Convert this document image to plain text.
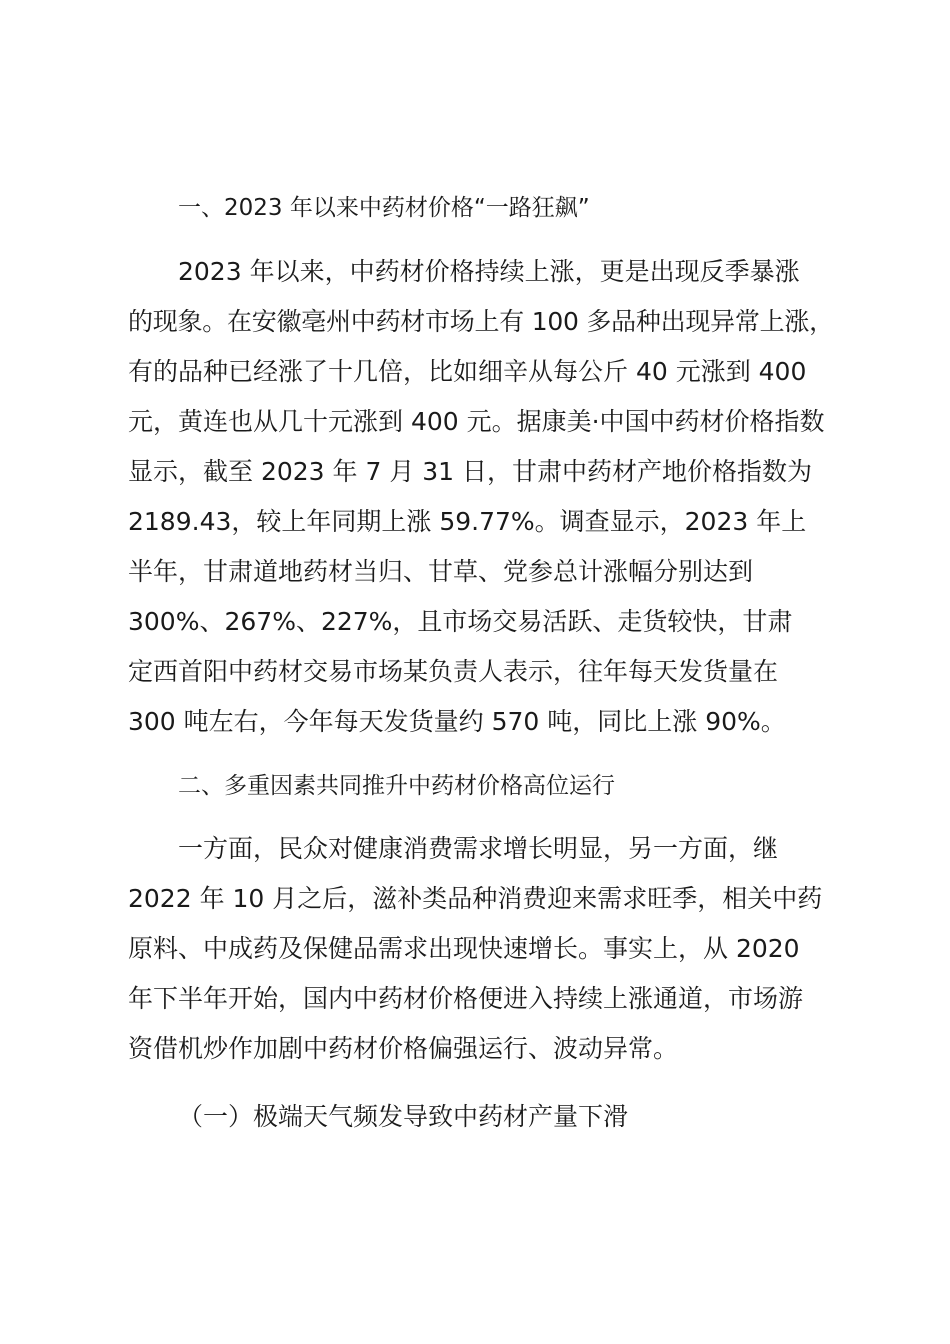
一、2023 年以来中药材价格“一路狂飙”
2023 年以来，中药材价格持续上涨，更是出现反季暴涨
的现象。在安徽亳州中药材市场上有 100 多品种出现异常上涨，
有的品种已经涨了十几倍，比如细辛从每公斤 40 元涨到 400
元，黄连也从几十元涨到 400 元。据康美·中国中药材价格指数
显示，截至 2023 年 7 月 31 日，甘肃中药材产地价格指数为
2189.43，较上年同期上涨 59.77%。调查显示，2023 年上
半年，甘肃道地药材当归、甘草、党参总计涨幅分别达到
300%、267%、227%，且市场交易活跃、走货较快，甘肃
定西首阳中药材交易市场某负责人表示，往年每天发货量在
300 吨左右，今年每天发货量约 570 吨，同比上涨 90%。
二、多重因素共同推升中药材价格高位运行
一方面，民众对健康消费需求增长明显，另一方面，继
2022 年 10 月之后，滋补类品种消费迎来需求旺季，相关中药
原料、中成药及保健品需求出现快速增长。事实上，从 2020
年下半年开始，国内中药材价格便进入持续上涨通道，市场游
资借机炒作加剧中药材价格偏强运行、波动异常。
（一）极端天气频发导致中药材产量下滑
